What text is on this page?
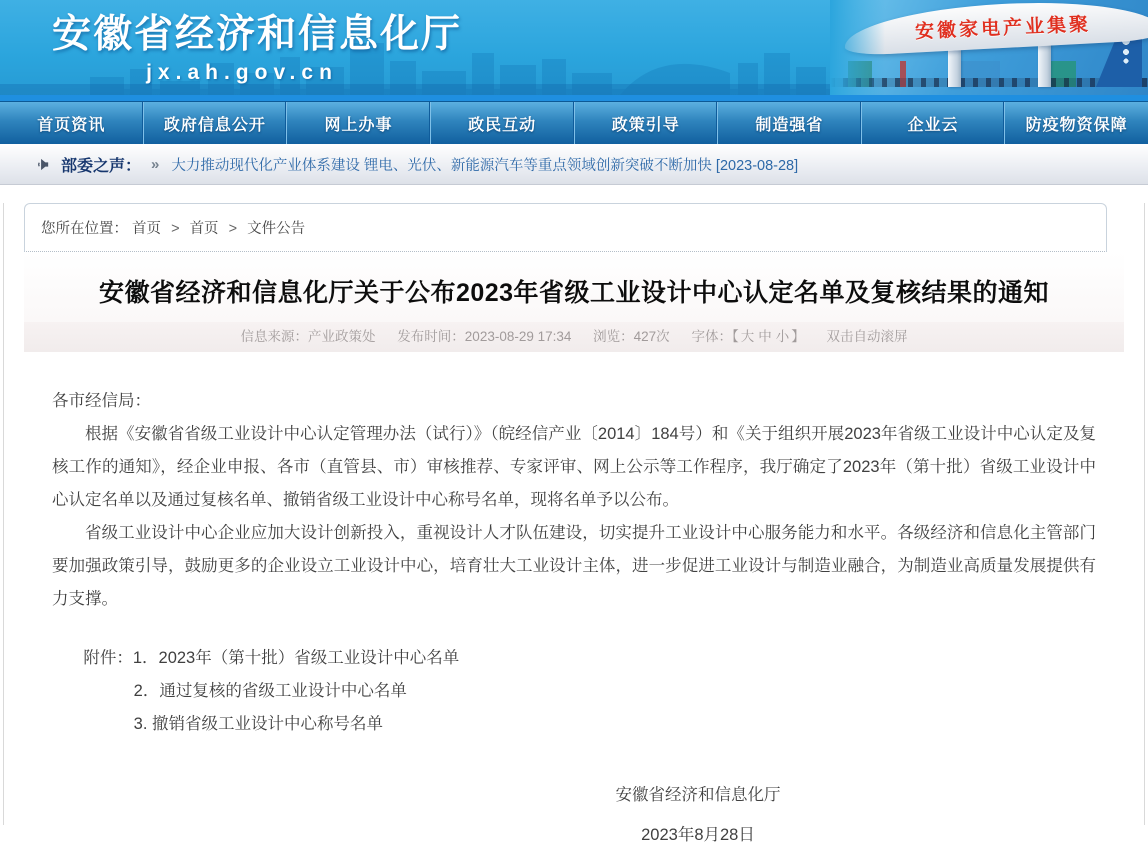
安徽省经济和信息化厅
jx.ah.gov.cn
安徽家电产业集聚
首页资讯	政府信息公开	网上办事	政民互动	政策引导	制造强省	企业云	防疫物资保障
部委之声： » 大力推动现代化产业体系建设 锂电、光伏、新能源汽车等重点领域创新突破不断加快 [2023-08-28]
您所在位置： 首页 > 首页 > 文件公告
安徽省经济和信息化厅关于公布2023年省级工业设计中心认定名单及复核结果的通知
信息来源：产业政策处 发布时间：2023-08-29 17:34 浏览：427次 字体：【 大 中 小 】 双击自动滚屏
各市经信局：

根据《安徽省省级工业设计中心认定管理办法（试行）》（皖经信产业〔2014〕184号）和《关于组织开展2023年省级工业设计中心认定及复核工作的通知》，经企业申报、各市（直管县、市）审核推荐、专家评审、网上公示等工作程序，我厅确定了2023年（第十批）省级工业设计中心认定名单以及通过复核名单、撤销省级工业设计中心称号名单，现将名单予以公布。

省级工业设计中心企业应加大设计创新投入，重视设计人才队伍建设，切实提升工业设计中心服务能力和水平。各级经济和信息化主管部门要加强政策引导，鼓励更多的企业设立工业设计中心，培育壮大工业设计主体，进一步促进工业设计与制造业融合，为制造业高质量发展提供有力支撑。

附件：1．2023年（第十批）省级工业设计中心名单
2．通过复核的省级工业设计中心名单
3. 撤销省级工业设计中心称号名单
安徽省经济和信息化厅
2023年8月28日
